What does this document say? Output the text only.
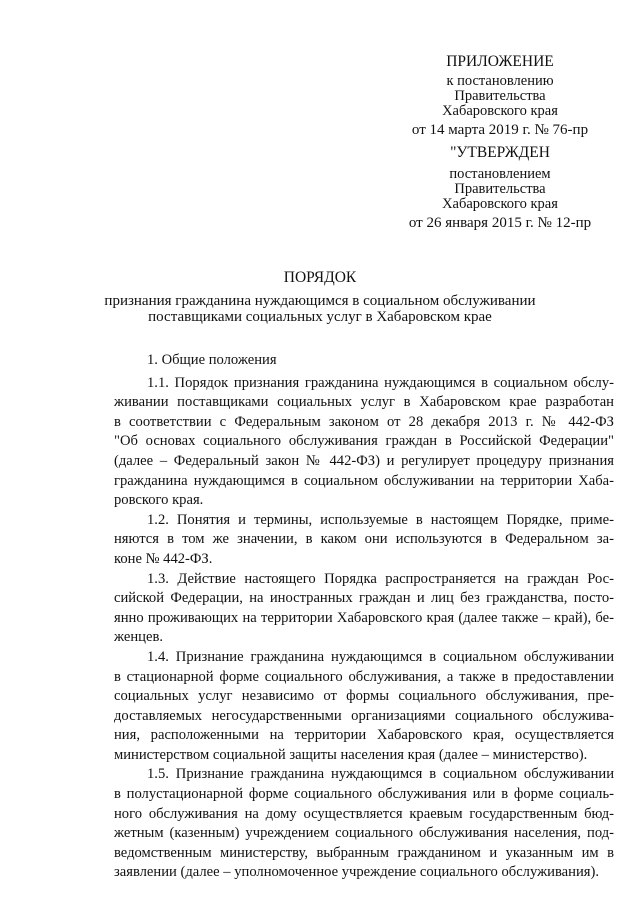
ПРИЛОЖЕНИЕ
к постановлению
Правительства
Хабаровского края
от 14 марта 2019 г. № 76-пр
"УТВЕРЖДЕН
постановлением
Правительства
Хабаровского края
от 26 января 2015 г. № 12-пр
ПОРЯДОК
признания гражданина нуждающимся в социальном обслуживании
поставщиками социальных услуг в Хабаровском крае
1. Общие положения
1.1. Порядок признания гражданина нуждающимся в социальном обслу-
живании поставщиками социальных услуг в Хабаровском крае разработан
в соответствии с Федеральным законом от 28 декабря 2013 г. № 442-ФЗ
"Об основах социального обслуживания граждан в Российской Федерации"
(далее – Федеральный закон № 442-ФЗ) и регулирует процедуру признания
гражданина нуждающимся в социальном обслуживании на территории Хаба-
ровского края.
1.2. Понятия и термины, используемые в настоящем Порядке, приме-
няются в том же значении, в каком они используются в Федеральном за-
коне № 442-ФЗ.
1.3. Действие настоящего Порядка распространяется на граждан Рос-
сийской Федерации, на иностранных граждан и лиц без гражданства, посто-
янно проживающих на территории Хабаровского края (далее также – край), бе-
женцев.
1.4. Признание гражданина нуждающимся в социальном обслуживании
в стационарной форме социального обслуживания, а также в предоставлении
социальных услуг независимо от формы социального обслуживания, пре-
доставляемых негосударственными организациями социального обслужива-
ния, расположенными на территории Хабаровского края, осуществляется
министерством социальной защиты населения края (далее – министерство).
1.5. Признание гражданина нуждающимся в социальном обслуживании
в полустационарной форме социального обслуживания или в форме социаль-
ного обслуживания на дому осуществляется краевым государственным бюд-
жетным (казенным) учреждением социального обслуживания населения, под-
ведомственным министерству, выбранным гражданином и указанным им в
заявлении (далее – уполномоченное учреждение социального обслуживания).
